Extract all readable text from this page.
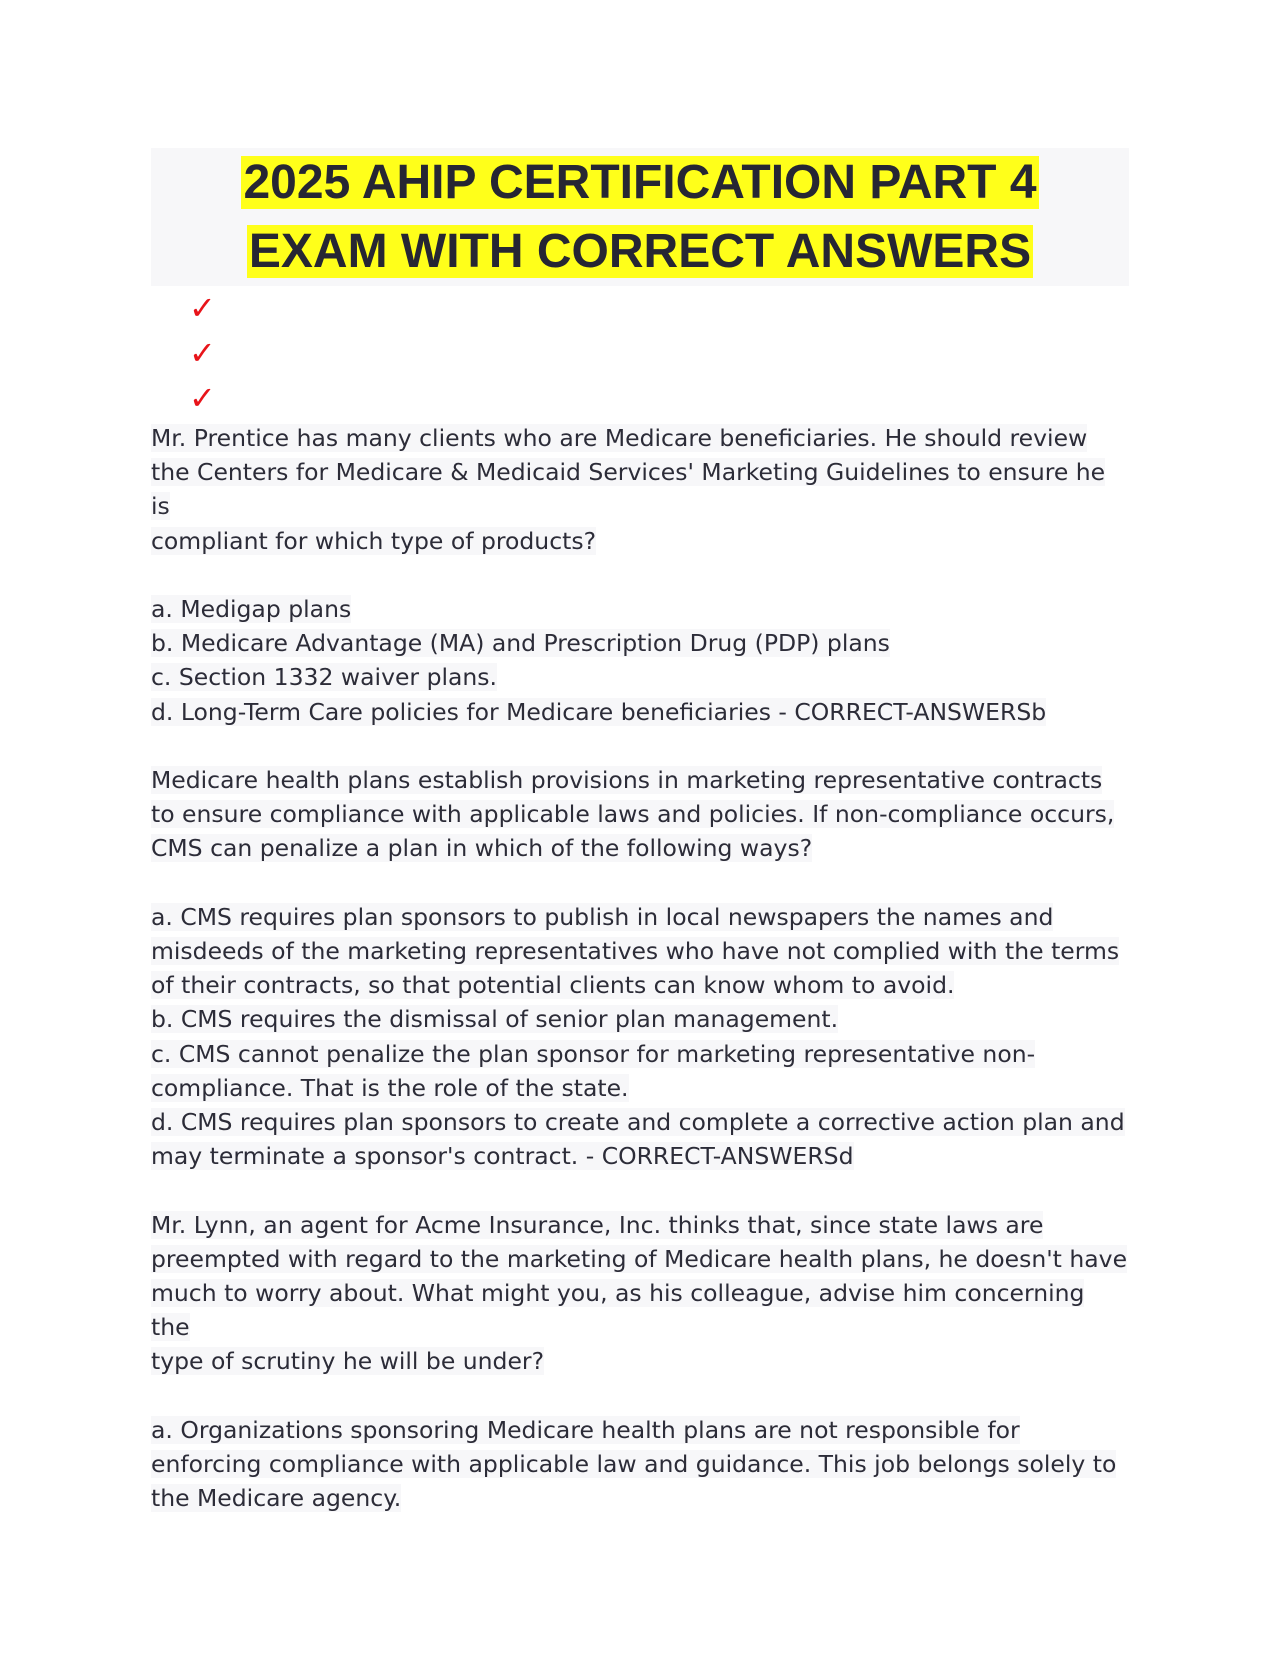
2025 AHIP CERTIFICATION PART 4
EXAM WITH CORRECT ANSWERS
✓
✓
✓
Mr. Prentice has many clients who are Medicare beneficiaries. He should review
the Centers for Medicare & Medicaid Services' Marketing Guidelines to ensure he is
compliant for which type of products?
a. Medigap plans
b. Medicare Advantage (MA) and Prescription Drug (PDP) plans
c. Section 1332 waiver plans.
d. Long-Term Care policies for Medicare beneficiaries - CORRECT-ANSWERSb
Medicare health plans establish provisions in marketing representative contracts
to ensure compliance with applicable laws and policies. If non-compliance occurs,
CMS can penalize a plan in which of the following ways?
a. CMS requires plan sponsors to publish in local newspapers the names and
misdeeds of the marketing representatives who have not complied with the terms
of their contracts, so that potential clients can know whom to avoid.
b. CMS requires the dismissal of senior plan management.
c. CMS cannot penalize the plan sponsor for marketing representative non-
compliance. That is the role of the state.
d. CMS requires plan sponsors to create and complete a corrective action plan and
may terminate a sponsor's contract. - CORRECT-ANSWERSd
Mr. Lynn, an agent for Acme Insurance, Inc. thinks that, since state laws are
preempted with regard to the marketing of Medicare health plans, he doesn't have
much to worry about. What might you, as his colleague, advise him concerning the
type of scrutiny he will be under?
a. Organizations sponsoring Medicare health plans are not responsible for
enforcing compliance with applicable law and guidance. This job belongs solely to
the Medicare agency.
